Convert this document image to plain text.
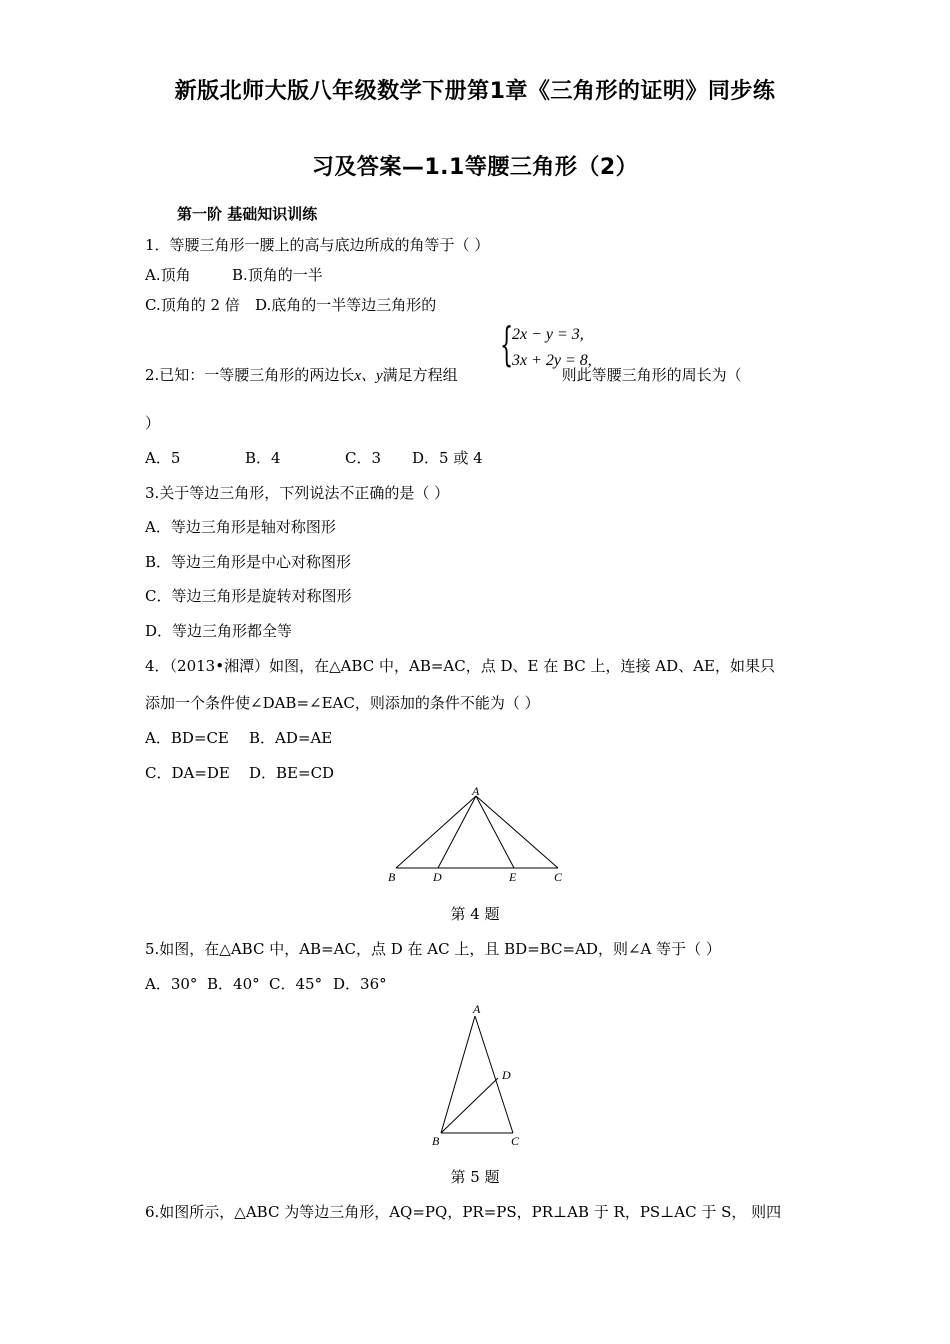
新版北师大版八年级数学下册第1章《三角形的证明》同步练
习及答案—1.1等腰三角形（2）
第一阶 基础知识训练
1．等腰三角形一腰上的高与底边所成的角等于（ ）
A.顶角	B.顶角的一半
C.顶角的 2 倍 D.底角的一半等边三角形的
{
2x − y = 3,
3x + 2y = 8,
2.已知：一等腰三角形的两边长x、y满足方程组	则此等腰三角形的周长为（
）
A．5	B．4	C．3 D．5 或 4
3.关于等边三角形，下列说法不正确的是（ ）
A．等边三角形是轴对称图形
B．等边三角形是中心对称图形
C．等边三角形是旋转对称图形
D．等边三角形都全等
4．（2013•湘潭）如图，在△ABC 中，AB=AC，点 D、E 在 BC 上，连接 AD、AE，如果只
添加一个条件使∠DAB=∠EAC，则添加的条件不能为（ ）
A．BD=CE B．AD=AE
C．DA=DE D．BE=CD
A
B	D	E	C
第 4 题
5.如图，在△ABC 中，AB=AC，点 D 在 AC 上，且 BD=BC=AD，则∠A 等于（ ）
A．30° B．40° C．45° D．36°
A
D
B	C
第 5 题
6.如图所示，△ABC 为等边三角形，AQ=PQ，PR=PS，PR⊥AB 于 R，PS⊥AC 于 S， 则四
